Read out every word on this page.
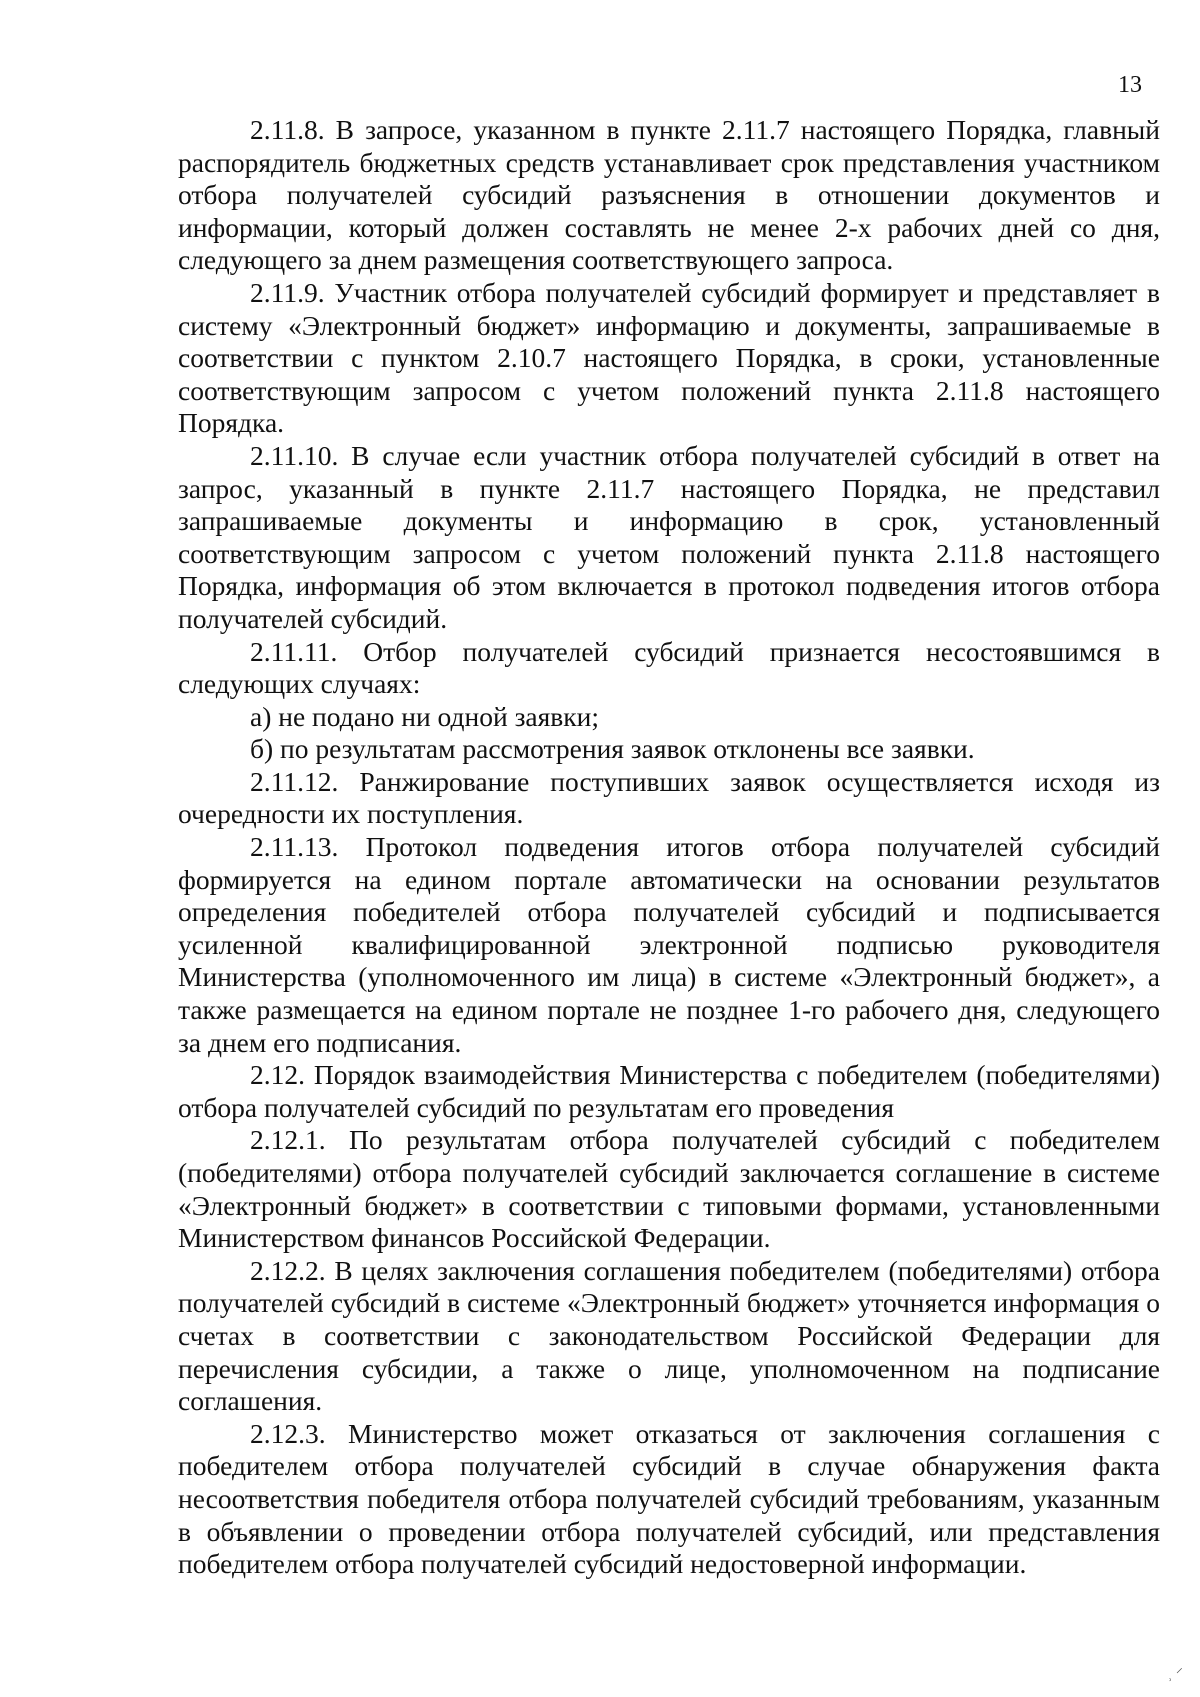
13

2.11.8. В запросе, указанном в пункте 2.11.7 настоящего Порядка, главный распорядитель бюджетных средств устанавливает срок представления участником отбора получателей субсидий разъяснения в отношении документов и информации, который должен составлять не менее 2-х рабочих дней со дня, следующего за днем размещения соответствующего запроса.

2.11.9. Участник отбора получателей субсидий формирует и представляет в систему «Электронный бюджет» информацию и документы, запрашиваемые в соответствии с пунктом 2.10.7 настоящего Порядка, в сроки, установленные соответствующим запросом с учетом положений пункта 2.11.8 настоящего Порядка.

2.11.10. В случае если участник отбора получателей субсидий в ответ на запрос, указанный в пункте 2.11.7 настоящего Порядка, не представил запрашиваемые документы и информацию в срок, установленный соответствующим запросом с учетом положений пункта 2.11.8 настоящего Порядка, информация об этом включается в протокол подведения итогов отбора получателей субсидий.

2.11.11. Отбор получателей субсидий признается несостоявшимся в следующих случаях:

а) не подано ни одной заявки;

б) по результатам рассмотрения заявок отклонены все заявки.

2.11.12. Ранжирование поступивших заявок осуществляется исходя из очередности их поступления.

2.11.13. Протокол подведения итогов отбора получателей субсидий формируется на едином портале автоматически на основании результатов определения победителей отбора получателей субсидий и подписывается усиленной квалифицированной электронной подписью руководителя Министерства (уполномоченного им лица) в системе «Электронный бюджет», а также размещается на едином портале не позднее 1-го рабочего дня, следующего за днем его подписания.

2.12. Порядок взаимодействия Министерства с победителем (победителями) отбора получателей субсидий по результатам его проведения

2.12.1. По результатам отбора получателей субсидий с победителем (победителями) отбора получателей субсидий заключается соглашение в системе «Электронный бюджет» в соответствии с типовыми формами, установленными Министерством финансов Российской Федерации.

2.12.2. В целях заключения соглашения победителем (победителями) отбора получателей субсидий в системе «Электронный бюджет» уточняется информация о счетах в соответствии с законодательством Российской Федерации для перечисления субсидии, а также о лице, уполномоченном на подписание соглашения.

2.12.3. Министерство может отказаться от заключения соглашения с победителем отбора получателей субсидий в случае обнаружения факта несоответствия победителя отбора получателей субсидий требованиям, указанным в объявлении о проведении отбора получателей субсидий, или представления победителем отбора получателей субсидий недостоверной информации.

⸒ ⸍
